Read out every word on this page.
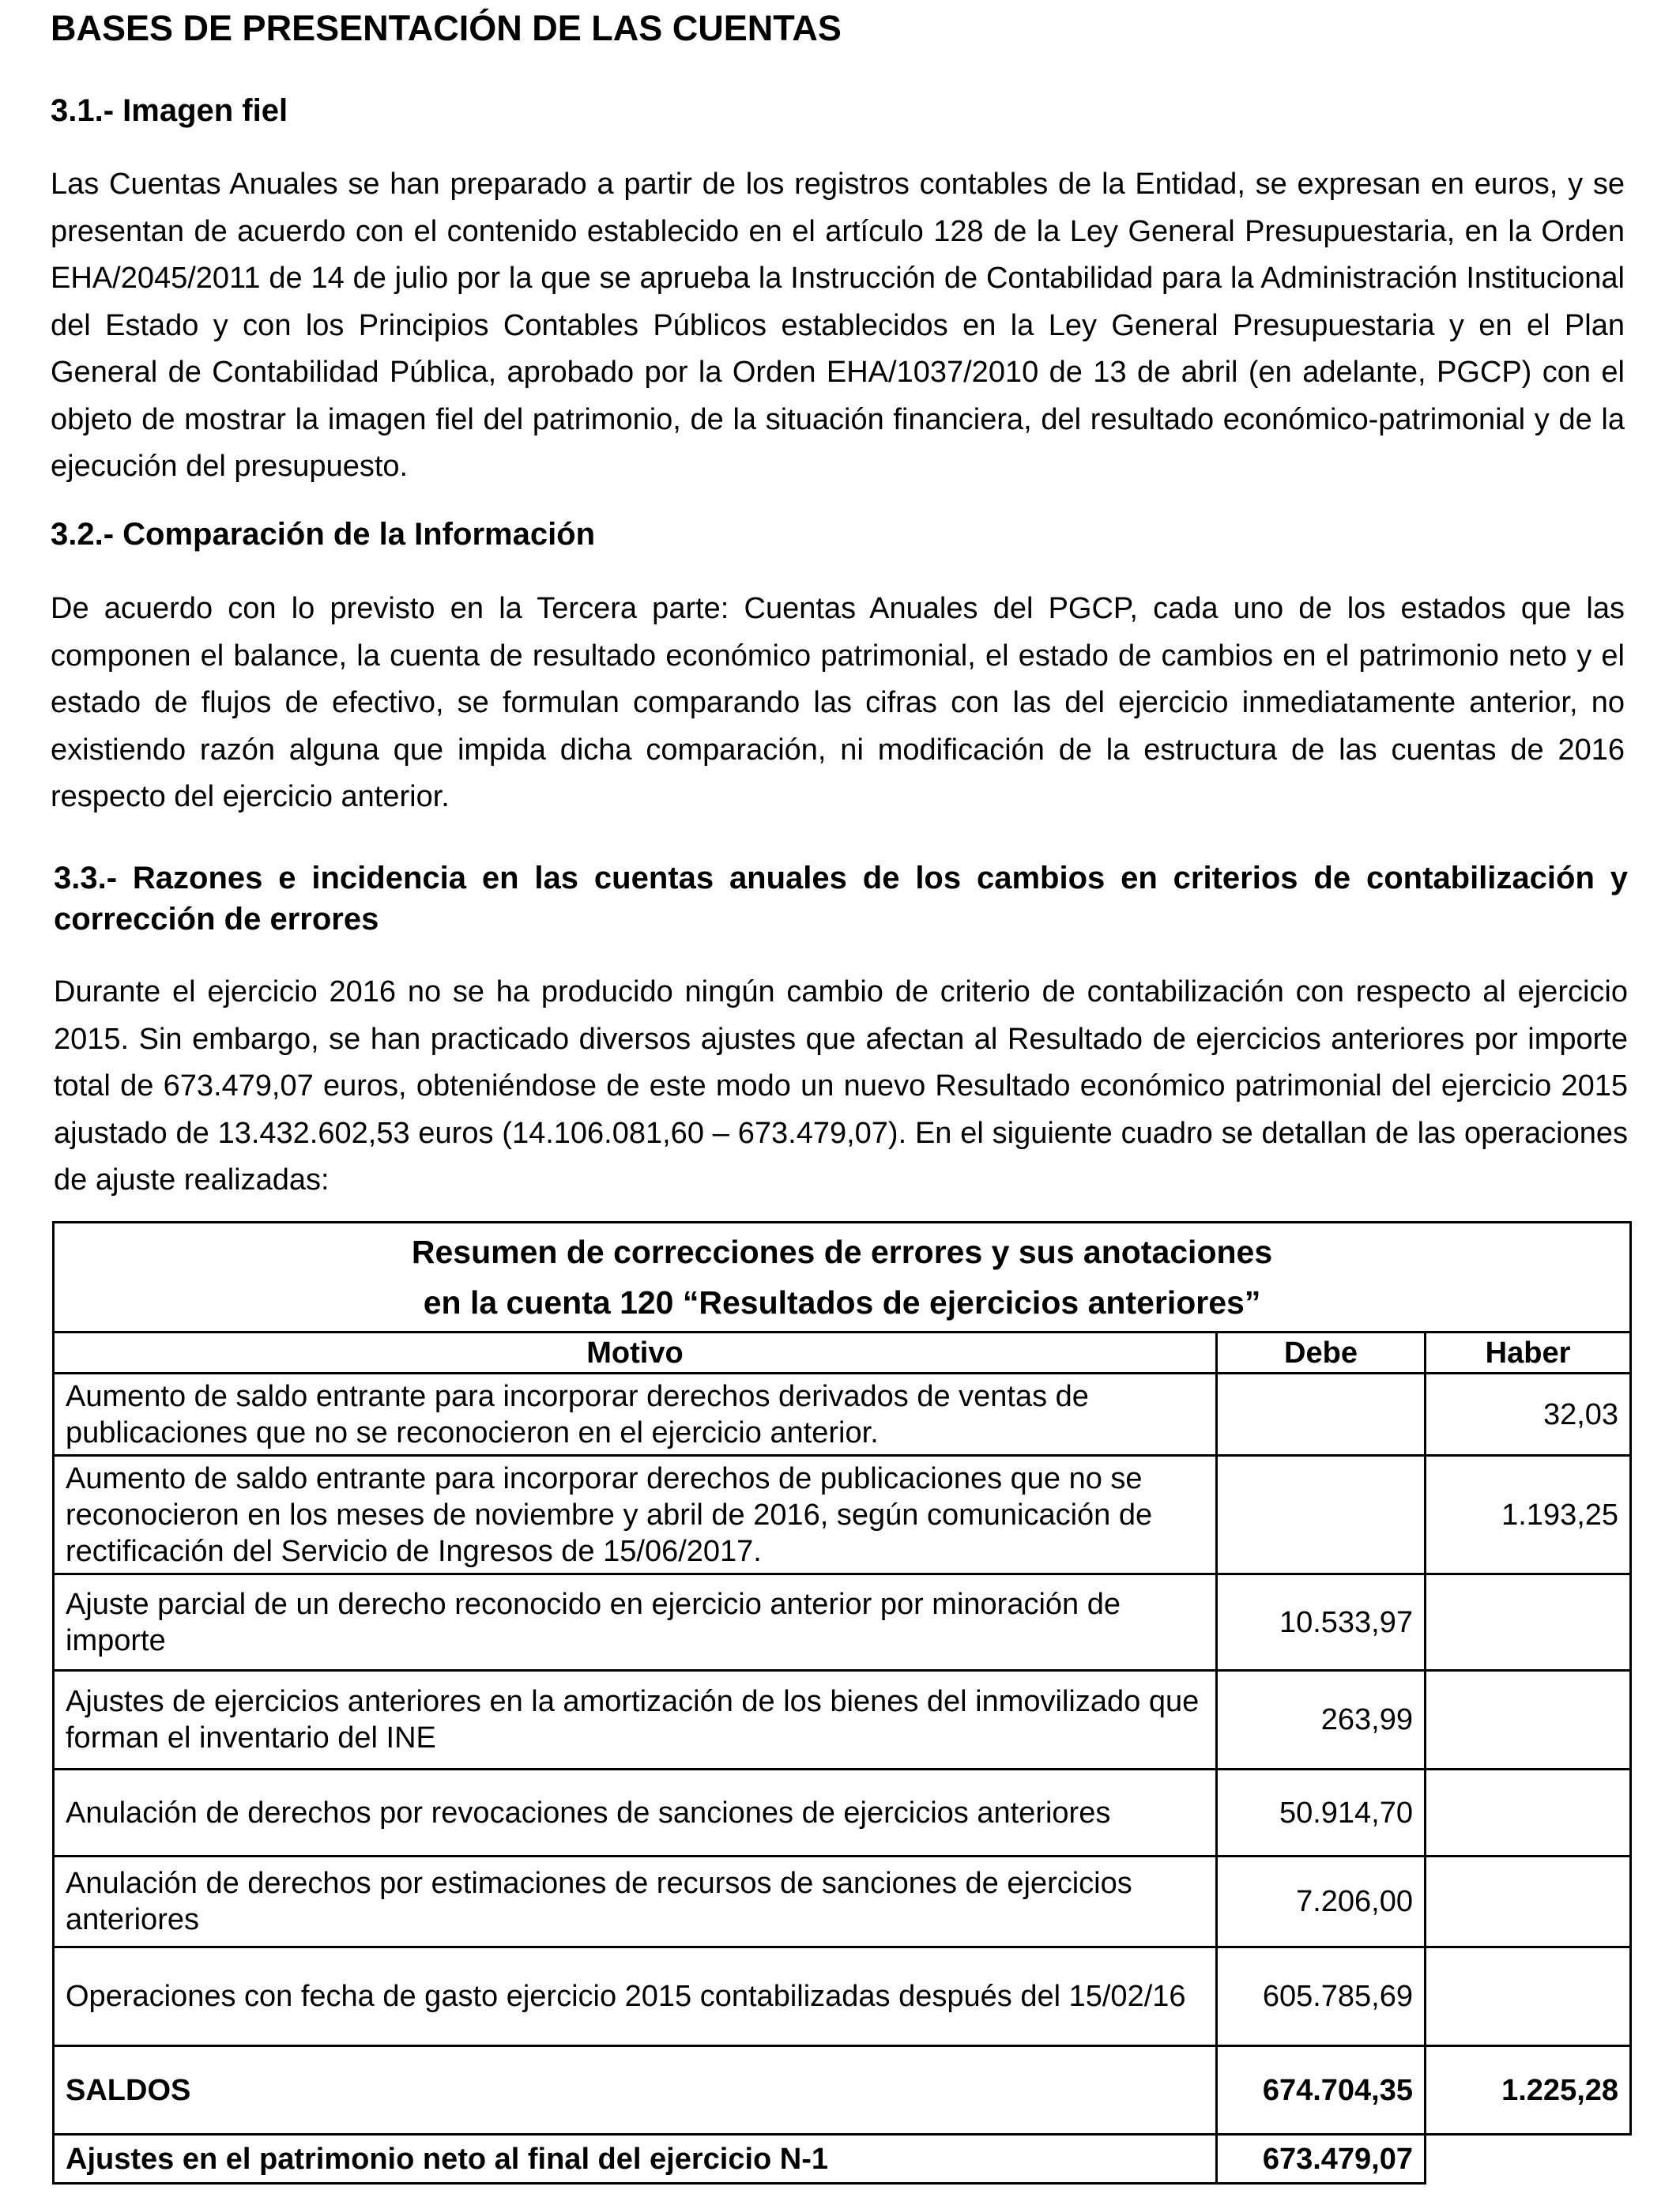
BASES DE PRESENTACIÓN DE LAS CUENTAS
3.1.- Imagen fiel
Las Cuentas Anuales se han preparado a partir de los registros contables de la Entidad, se expresan en euros, y se presentan de acuerdo con el contenido establecido en el artículo 128 de la Ley General Presupuestaria, en la Orden EHA/2045/2011 de 14 de julio por la que se aprueba la Instrucción de Contabilidad para la Administración Institucional del Estado y con los Principios Contables Públicos establecidos en la Ley General Presupuestaria y en el Plan General de Contabilidad Pública, aprobado por la Orden EHA/1037/2010 de 13 de abril (en adelante, PGCP) con el objeto de mostrar la imagen fiel del patrimonio, de la situación financiera, del resultado económico-patrimonial y de la ejecución del presupuesto.
3.2.- Comparación de la Información
De acuerdo con lo previsto en la Tercera parte: Cuentas Anuales del PGCP, cada uno de los estados que las componen el balance, la cuenta de resultado económico patrimonial, el estado de cambios en el patrimonio neto y el estado de flujos de efectivo, se formulan comparando las cifras con las del ejercicio inmediatamente anterior, no existiendo razón alguna que impida dicha comparación, ni modificación de la estructura de las cuentas de 2016 respecto del ejercicio anterior.
3.3.- Razones e incidencia en las cuentas anuales de los cambios en criterios de contabilización y corrección de errores
Durante el ejercicio 2016 no se ha producido ningún cambio de criterio de contabilización con respecto al ejercicio 2015. Sin embargo, se han practicado diversos ajustes que afectan al Resultado de ejercicios anteriores por importe total de 673.479,07 euros, obteniéndose de este modo un nuevo Resultado económico patrimonial del ejercicio 2015 ajustado de 13.432.602,53 euros (14.106.081,60 – 673.479,07). En el siguiente cuadro se detallan de las operaciones de ajuste realizadas:
Resumen de correcciones de errores y sus anotaciones
en la cuenta 120 “Resultados de ejercicios anteriores”		

Motivo	Debe	Haber
Aumento de saldo entrante para incorporar derechos derivados de ventas de publicaciones que no se reconocieron en el ejercicio anterior.		32,03
Aumento de saldo entrante para incorporar derechos de publicaciones que no se reconocieron en los meses de noviembre y abril de 2016, según comunicación de rectificación del Servicio de Ingresos de 15/06/2017.		1.193,25
Ajuste parcial de un derecho reconocido en ejercicio anterior por minoración de importe	10.533,97	
Ajustes de ejercicios anteriores en la amortización de los bienes del inmovilizado que forman el inventario del INE	263,99	
Anulación de derechos por revocaciones de sanciones de ejercicios anteriores	50.914,70	
Anulación de derechos por estimaciones de recursos de sanciones de ejercicios anteriores	7.206,00	
Operaciones con fecha de gasto ejercicio 2015 contabilizadas después del 15/02/16	605.785,69	
SALDOS	674.704,35	1.225,28
Ajustes en el patrimonio neto al final del ejercicio N-1	673.479,07	
